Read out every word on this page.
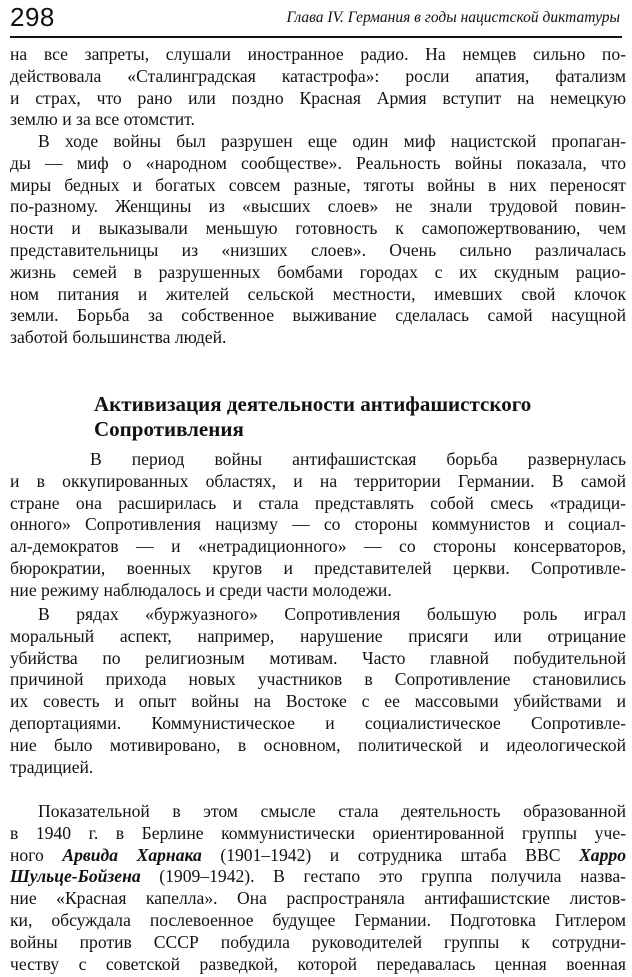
298	Глава IV. Германия в годы нацистской диктатуры
на все запреты, слушали иностранное радио. На немцев сильно по-
действовала «Сталинградская катастрофа»: росли апатия, фатализм
и страх, что рано или поздно Красная Армия вступит на немецкую
землю и за все отомстит.
В ходе войны был разрушен еще один миф нацистской пропаган-
ды — миф о «народном сообществе». Реальность войны показала, что
миры бедных и богатых совсем разные, тяготы войны в них переносят
по-разному. Женщины из «высших слоев» не знали трудовой повин-
ности и выказывали меньшую готовность к самопожертвованию, чем
представительницы из «низших слоев». Очень сильно различалась
жизнь семей в разрушенных бомбами городах с их скудным рацио-
ном питания и жителей сельской местности, имевших свой клочок
земли. Борьба за собственное выживание сделалась самой насущной
заботой большинства людей.
Активизация деятельности антифашистского
Сопротивления
В период войны антифашистская борьба развернулась
и в оккупированных областях, и на территории Германии. В самой
стране она расширилась и стала представлять собой смесь «традици-
онного» Сопротивления нацизму — со стороны коммунистов и социал-
ал-демократов — и «нетрадиционного» — со стороны консерваторов,
бюрократии, военных кругов и представителей церкви. Сопротивле-
ние режиму наблюдалось и среди части молодежи.
В рядах «буржуазного» Сопротивления большую роль играл
моральный аспект, например, нарушение присяги или отрицание
убийства по религиозным мотивам. Часто главной побудительной
причиной прихода новых участников в Сопротивление становились
их совесть и опыт войны на Востоке с ее массовыми убийствами и
депортациями. Коммунистическое и социалистическое Сопротивле-
ние было мотивировано, в основном, политической и идеологической
традицией.
Показательной в этом смысле стала деятельность образованной
в 1940 г. в Берлине коммунистически ориентированной группы уче-
ного Арвида Харнака (1901–1942) и сотрудника штаба ВВС Харро
Шульце-Бойзена (1909–1942). В гестапо это группа получила назва-
ние «Красная капелла». Она распространяла антифашистские листов-
ки, обсуждала послевоенное будущее Германии. Подготовка Гитлером
войны против СССР побудила руководителей группы к сотрудни-
честву с советской разведкой, которой передавалась ценная военная
